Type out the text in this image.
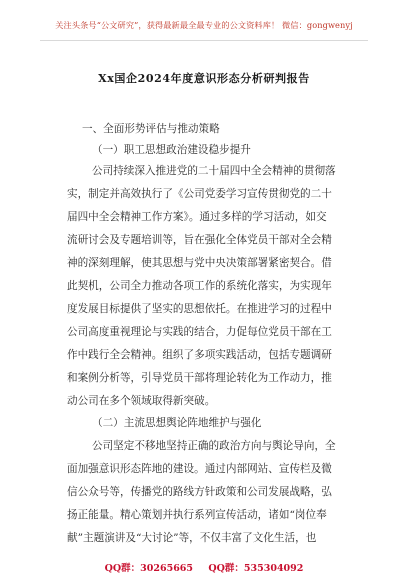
关注头条号“公文研究”，获得最新最全最专业的公文资料库！ 微信：gongwenyj
Xx国企2024年度意识形态分析研判报告
一、全面形势评估与推动策略
（一）职工思想政治建设稳步提升
公司持续深入推进党的二十届四中全会精神的贯彻落
实，制定并高效执行了《公司党委学习宣传贯彻党的二十
届四中全会精神工作方案》。通过多样的学习活动，如交
流研讨会及专题培训等，旨在强化全体党员干部对全会精
神的深刻理解，使其思想与党中央决策部署紧密契合。借
此契机，公司全力推动各项工作的系统化落实，为实现年
度发展目标提供了坚实的思想依托。在推进学习的过程中
公司高度重视理论与实践的结合，力促每位党员干部在工
作中践行全会精神。组织了多项实践活动，包括专题调研
和案例分析等，引导党员干部将理论转化为工作动力，推
动公司在多个领域取得新突破。
（二）主流思想舆论阵地维护与强化
公司坚定不移地坚持正确的政治方向与舆论导向，全
面加强意识形态阵地的建设。通过内部网站、宣传栏及微
信公众号等，传播党的路线方针政策和公司发展战略，弘
扬正能量。精心策划并执行系列宣传活动，诸如“岗位奉
献”主题演讲及“大讨论”等，不仅丰富了文化生活，也
QQ群：30265665 QQ群：535304092
